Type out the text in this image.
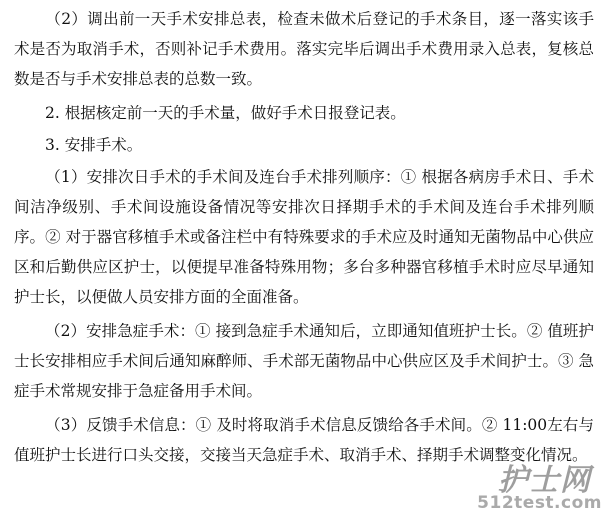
（2）调出前一天手术安排总表，检查未做术后登记的手术条目，逐一落实该手术是否为取消手术，否则补记手术费用。落实完毕后调出手术费用录入总表，复核总数是否与手术安排总表的总数一致。

2. 根据核定前一天的手术量，做好手术日报登记表。

3. 安排手术。

（1）安排次日手术的手术间及连台手术排列顺序：① 根据各病房手术日、手术间洁净级别、手术间设施设备情况等安排次日择期手术的手术间及连台手术排列顺序。② 对于器官移植手术或备注栏中有特殊要求的手术应及时通知无菌物品中心供应区和后勤供应区护士，以便提早准备特殊用物；多台多种器官移植手术时应尽早通知护士长，以便做人员安排方面的全面准备。

（2）安排急症手术：① 接到急症手术通知后，立即通知值班护士长。② 值班护士长安排相应手术间后通知麻醉师、手术部无菌物品中心供应区及手术间护士。③ 急症手术常规安排于急症备用手术间。

（3）反馈手术信息：① 及时将取消手术信息反馈给各手术间。② 11:00左右与值班护士长进行口头交接，交接当天急症手术、取消手术、择期手术调整变化情况。

护士网
512test.com
